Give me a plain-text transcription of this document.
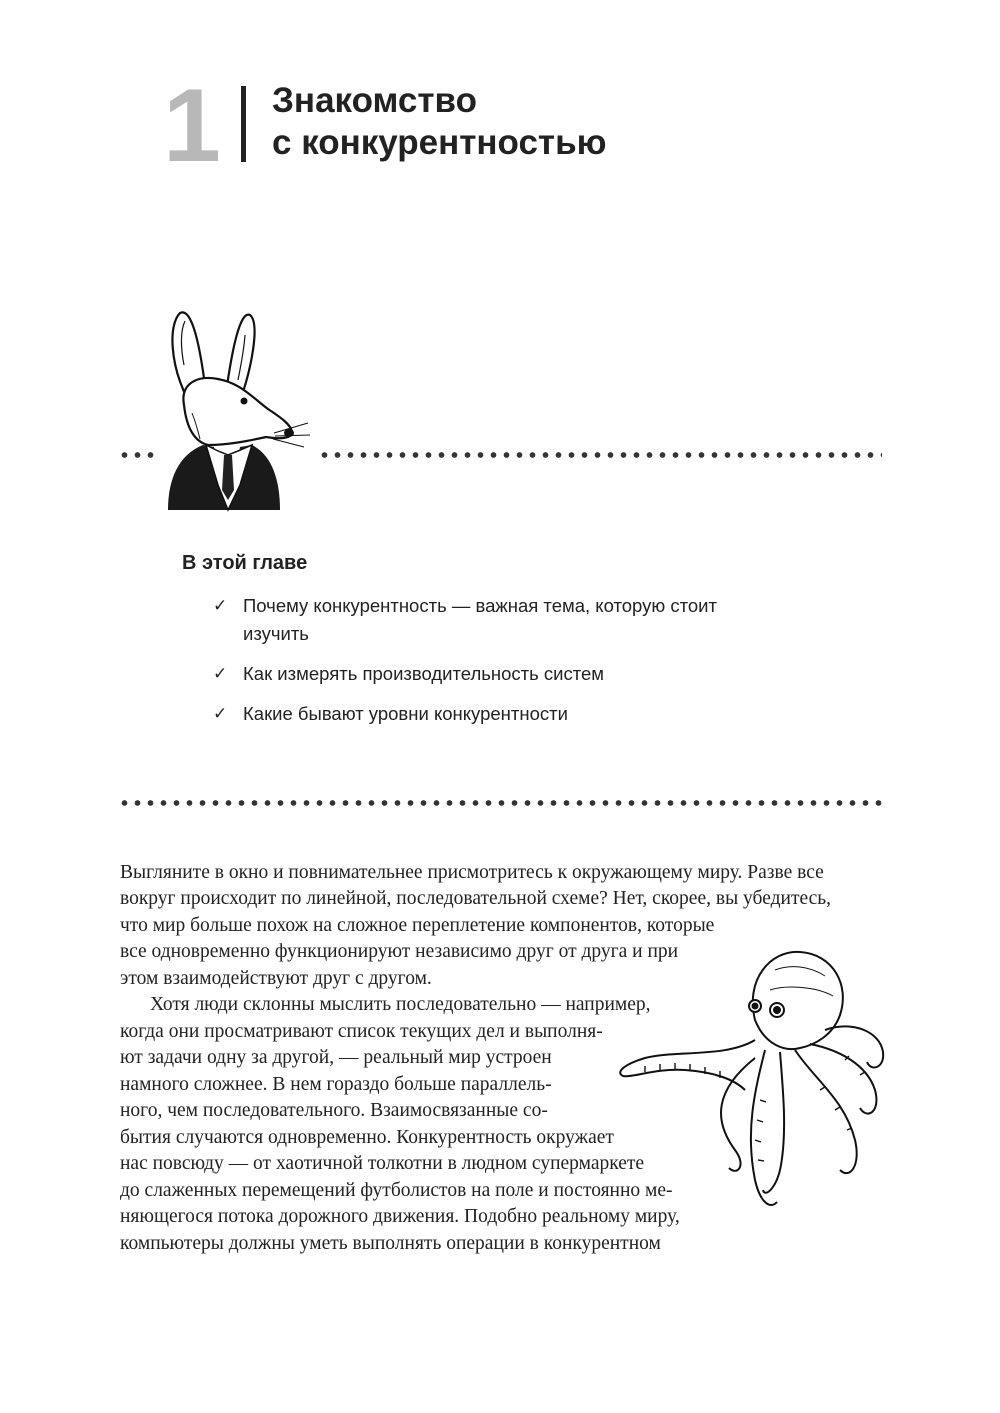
1 Знакомство
с конкурентностью
В этой главе
✓ Почему конкурентность — важная тема, которую стоит
изучить
✓ Как измерять производительность систем
✓ Какие бывают уровни конкурентности
Выгляните в окно и повнимательнее присмотритесь к окружающему миру. Разве все
вокруг происходит по линейной, последовательной схеме? Нет, скорее, вы убедитесь,
что мир больше похож на сложное переплетение компонентов, которые
все одновременно функционируют независимо друг от друга и при
этом взаимодействуют друг с другом.
Хотя люди склонны мыслить последовательно — например,
когда они просматривают список текущих дел и выполня-
ют задачи одну за другой, — реальный мир устроен
намного сложнее. В нем гораздо больше параллель-
ного, чем последовательного. Взаимосвязанные со-
бытия случаются одновременно. Конкурентность окружает
нас повсюду — от хаотичной толкотни в людном супермаркете
до слаженных перемещений футболистов на поле и постоянно ме-
няющегося потока дорожного движения. Подобно реальному миру,
компьютеры должны уметь выполнять операции в конкурентном
